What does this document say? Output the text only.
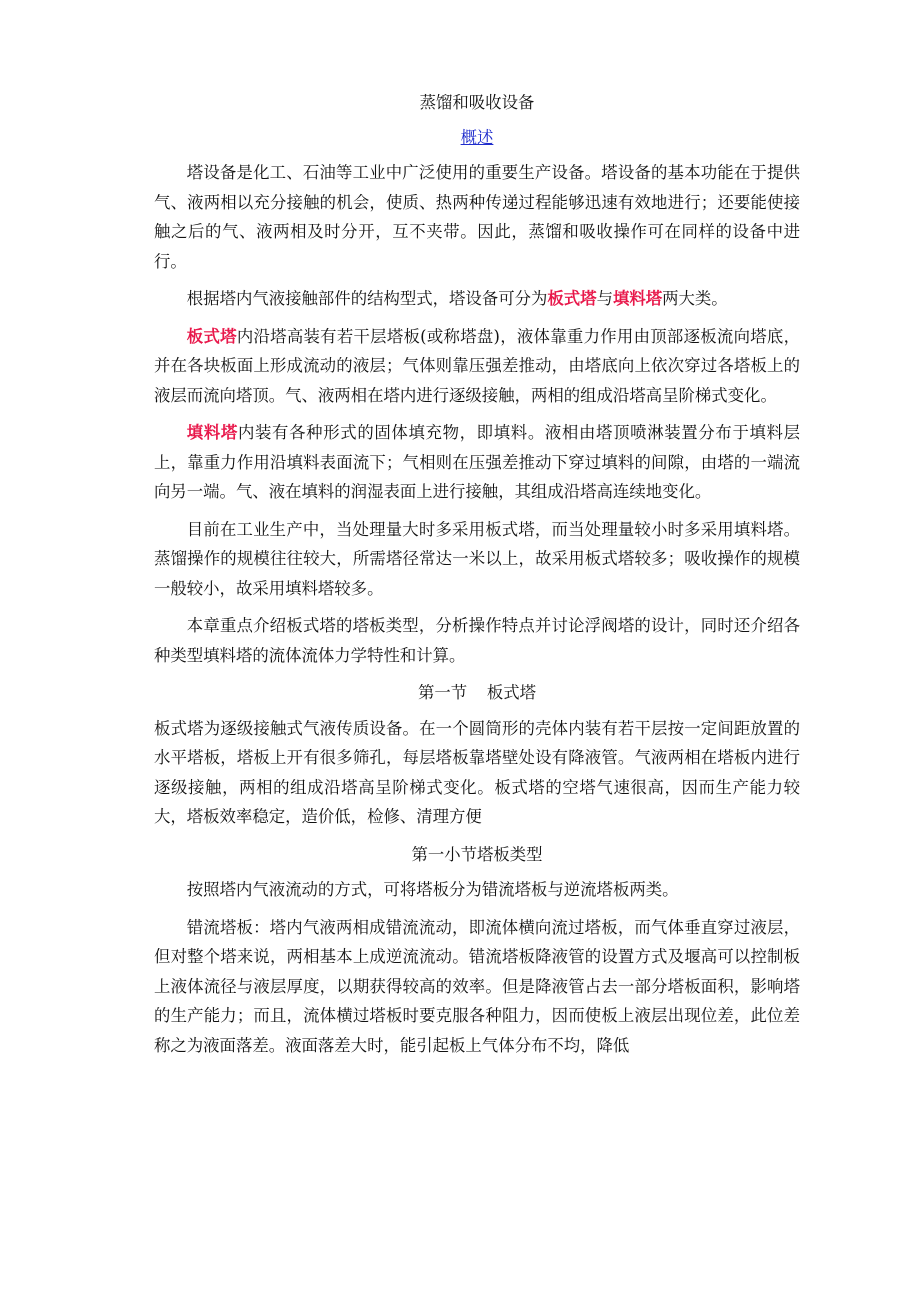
蒸馏和吸收设备

概述

塔设备是化工、石油等工业中广泛使用的重要生产设备。塔设备的基本功能在于提供气、液两相以充分接触的机会，使质、热两种传递过程能够迅速有效地进行；还要能使接触之后的气、液两相及时分开，互不夹带。因此，蒸馏和吸收操作可在同样的设备中进行。

根据塔内气液接触部件的结构型式，塔设备可分为板式塔与填料塔两大类。

板式塔内沿塔高装有若干层塔板(或称塔盘)，液体靠重力作用由顶部逐板流向塔底，并在各块板面上形成流动的液层；气体则靠压强差推动，由塔底向上依次穿过各塔板上的液层而流向塔顶。气、液两相在塔内进行逐级接触，两相的组成沿塔高呈阶梯式变化。

填料塔内装有各种形式的固体填充物，即填料。液相由塔顶喷淋装置分布于填料层上，靠重力作用沿填料表面流下；气相则在压强差推动下穿过填料的间隙，由塔的一端流向另一端。气、液在填料的润湿表面上进行接触，其组成沿塔高连续地变化。

目前在工业生产中，当处理量大时多采用板式塔，而当处理量较小时多采用填料塔。蒸馏操作的规模往往较大，所需塔径常达一米以上，故采用板式塔较多；吸收操作的规模一般较小，故采用填料塔较多。

本章重点介绍板式塔的塔板类型，分析操作特点并讨论浮阀塔的设计，同时还介绍各种类型填料塔的流体流体力学特性和计算。

第一节 板式塔

板式塔为逐级接触式气液传质设备。在一个圆筒形的壳体内装有若干层按一定间距放置的水平塔板，塔板上开有很多筛孔，每层塔板靠塔壁处设有降液管。气液两相在塔板内进行逐级接触，两相的组成沿塔高呈阶梯式变化。板式塔的空塔气速很高，因而生产能力较大，塔板效率稳定，造价低，检修、清理方便

第一小节塔板类型

按照塔内气液流动的方式，可将塔板分为错流塔板与逆流塔板两类。

错流塔板：塔内气液两相成错流流动，即流体横向流过塔板，而气体垂直穿过液层，但对整个塔来说，两相基本上成逆流流动。错流塔板降液管的设置方式及堰高可以控制板上液体流径与液层厚度，以期获得较高的效率。但是降液管占去一部分塔板面积，影响塔的生产能力；而且，流体横过塔板时要克服各种阻力，因而使板上液层出现位差，此位差称之为液面落差。液面落差大时，能引起板上气体分布不均，降低
